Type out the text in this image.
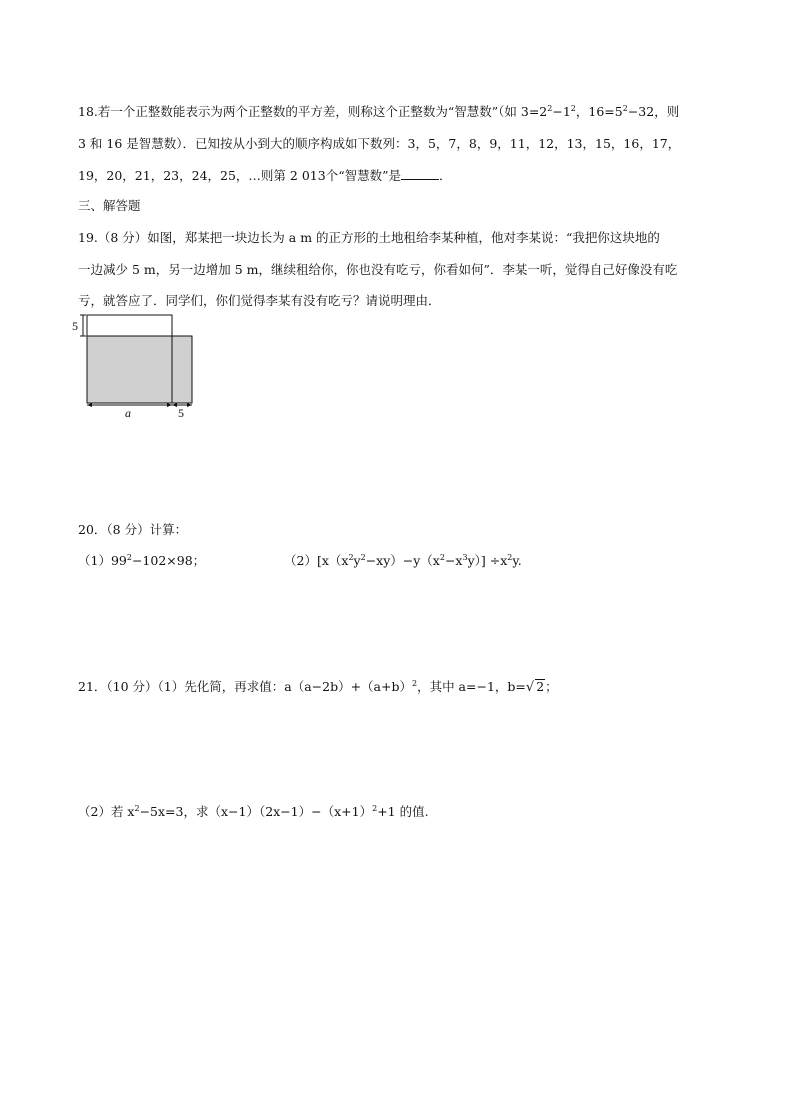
18.若一个正整数能表示为两个正整数的平方差，则称这个正整数为“智慧数”（如 $3=2^2-1^2$，$16=5^2-32$，则
3 和 16 是智慧数）．已知按从小到大的顺序构成如下数列：3，5，7，8，9，11，12，13，15，16，17，
19，20，21，23，24，25，…则第 2 013个“智慧数”是	．
三、解答题
19.（8 分）如图，郑某把一块边长为 a m 的正方形的土地租给李某种植，他对李某说：“我把你这块地的
一边减少 5 m，另一边增加 5 m，继续租给你，你也没有吃亏，你看如何”．李某一听，觉得自己好像没有吃
亏，就答应了．同学们，你们觉得李某有没有吃亏？请说明理由．
5
a	5
20．（8 分）计算：
$(1)99^2-102\times 98$；	$(2)[x(x^2y^2-xy)-y(x^2-x^3y)] \div x^2y$.
21．（10 分）（1）先化简，再求值：$a(a-2b)+(a+b)^2$，其中 a=−1，b=√ 2；
（2）若 $x^2-5x=3$，求$(x-1)(2x-1)-(x+1)^2+1$ 的值.
